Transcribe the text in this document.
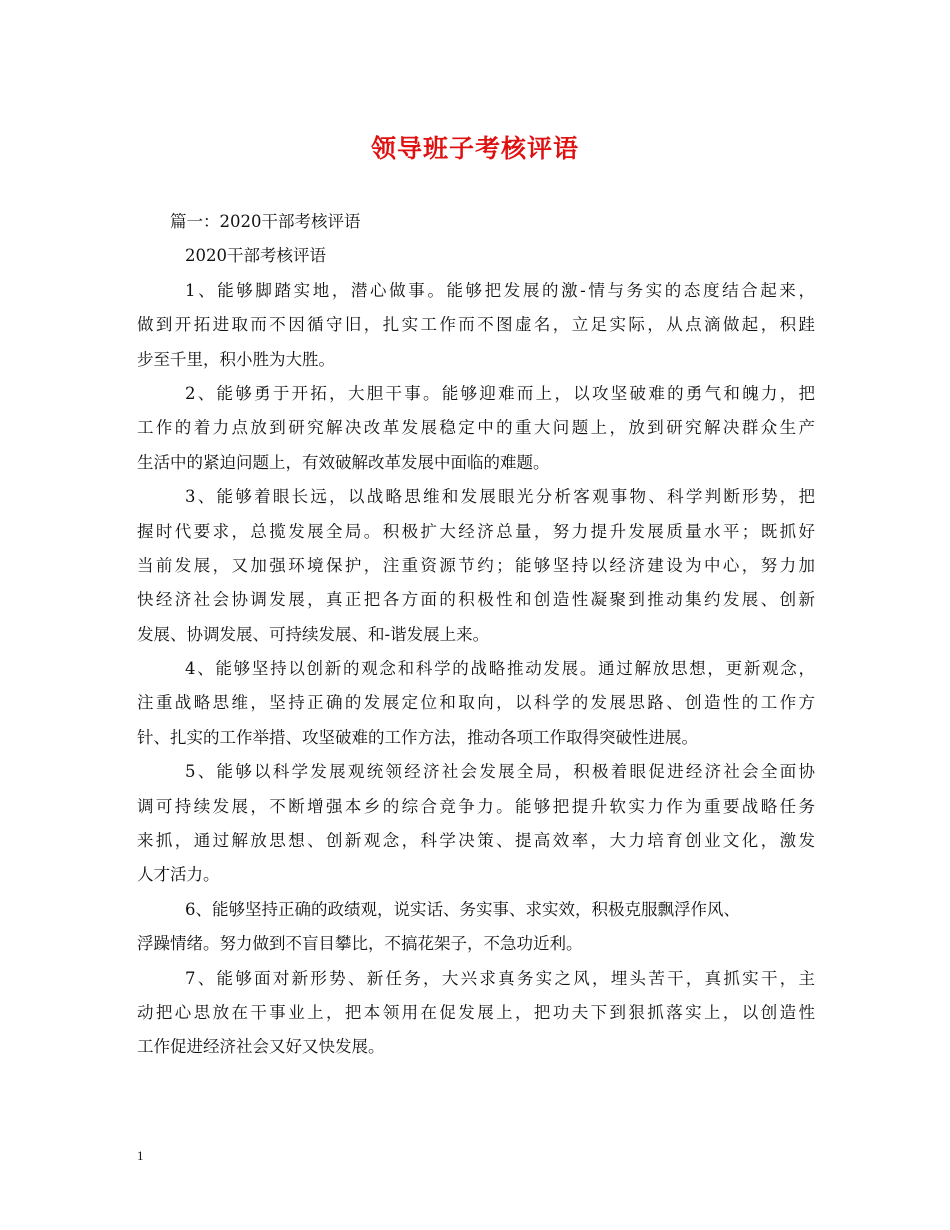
领导班子考核评语
篇一：2020干部考核评语
2020干部考核评语
1、能够脚踏实地，潜心做事。能够把发展的激-情与务实的态度结合起来，
做到开拓进取而不因循守旧，扎实工作而不图虚名，立足实际，从点滴做起，积跬
步至千里，积小胜为大胜。
2、能够勇于开拓，大胆干事。能够迎难而上，以攻坚破难的勇气和魄力，把
工作的着力点放到研究解决改革发展稳定中的重大问题上，放到研究解决群众生产
生活中的紧迫问题上，有效破解改革发展中面临的难题。
3、能够着眼长远，以战略思维和发展眼光分析客观事物、科学判断形势，把
握时代要求，总揽发展全局。积极扩大经济总量，努力提升发展质量水平；既抓好
当前发展，又加强环境保护，注重资源节约；能够坚持以经济建设为中心，努力加
快经济社会协调发展，真正把各方面的积极性和创造性凝聚到推动集约发展、创新
发展、协调发展、可持续发展、和-谐发展上来。
4、能够坚持以创新的观念和科学的战略推动发展。通过解放思想，更新观念，
注重战略思维，坚持正确的发展定位和取向，以科学的发展思路、创造性的工作方
针、扎实的工作举措、攻坚破难的工作方法，推动各项工作取得突破性进展。
5、能够以科学发展观统领经济社会发展全局，积极着眼促进经济社会全面协
调可持续发展，不断增强本乡的综合竞争力。能够把提升软实力作为重要战略任务
来抓，通过解放思想、创新观念，科学决策、提高效率，大力培育创业文化，激发
人才活力。
6、能够坚持正确的政绩观，说实话、务实事、求实效，积极克服飘浮作风、
浮躁情绪。努力做到不盲目攀比，不搞花架子，不急功近利。
7、能够面对新形势、新任务，大兴求真务实之风，埋头苦干，真抓实干，主
动把心思放在干事业上，把本领用在促发展上，把功夫下到狠抓落实上，以创造性
工作促进经济社会又好又快发展。
1
